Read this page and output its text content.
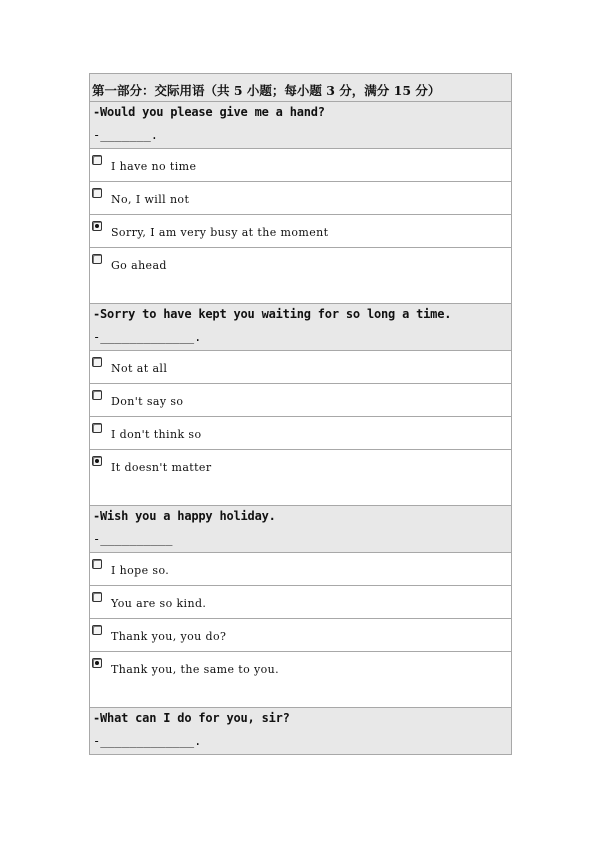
第一部分：交际用语（共 5 小题；每小题 3 分，满分 15 分）
-Would you please give me a hand?
-_______.
I have no time
No, I will not
Sorry, I am very busy at the moment
Go ahead
-Sorry to have kept you waiting for so long a time.
-_____________.
Not at all
Don't say so
I don't think so
It doesn't matter
-Wish you a happy holiday.
-__________
I hope so.
You are so kind.
Thank you, you do?
Thank you, the same to you.
-What can I do for you, sir?
-_____________.
